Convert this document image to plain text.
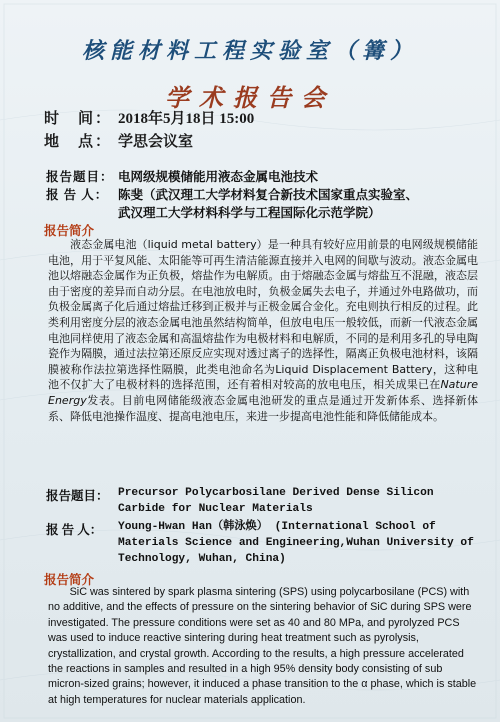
核能材料工程实验室（篝）
学术报告会
时　间： 2018年5月18日 15:00
地　点： 学思会议室
报告题目： 电网级规模储能用液态金属电池技术
报 告 人： 陈斐（武汉理工大学材料复合新技术国家重点实验室、
武汉理工大学材料科学与工程国际化示范学院）
报告简介
　　液态金属电池（liquid metal battery）是一种具有较好应用前景的电网级规模储能电池，用于平复风能、太阳能等可再生清洁能源直接并入电网的间歇与波动。液态金属电池以熔融态金属作为正负极，熔盐作为电解质。由于熔融态金属与熔盐互不混融，液态层由于密度的差异而自动分层。在电池放电时，负极金属失去电子，并通过外电路做功，而负极金属离子化后通过熔盐迁移到正极并与正极金属合金化。充电则执行相反的过程。此类利用密度分层的液态金属电池虽然结构简单，但放电电压一般较低，而新一代液态金属电池同样使用了液态金属和高温熔盐作为电极材料和电解质，不同的是利用多孔的导电陶瓷作为隔膜，通过法拉第还原反应实现对透过离子的选择性，隔离正负极电池材料，该隔膜被称作法拉第选择性隔膜，此类电池命名为Liquid Displacement Battery，这种电池不仅扩大了电极材料的选择范围，还有着相对较高的放电电压，相关成果已在Nature Energy发表。目前电网储能级液态金属电池研发的重点是通过开发新体系、选择新体系、降低电池操作温度、提高电池电压，来进一步提高电池性能和降低储能成本。
报告题目： Precursor Polycarbosilane Derived Dense Silicon
Carbide for Nuclear Materials
报 告 人： Young-Hwan Han（韩泳焕） (International School of
Materials Science and Engineering,Wuhan University of
Technology, Wuhan, China)
报告简介
　　SiC was sintered by spark plasma sintering (SPS) using polycarbosilane (PCS) with no additive, and the effects of pressure on the sintering behavior of SiC during SPS were investigated. The pressure conditions were set as 40 and 80 MPa, and pyrolyzed PCS was used to induce reactive sintering during heat treatment such as pyrolysis, crystallization, and crystal growth. According to the results, a high pressure accelerated the reactions in samples and resulted in a high 95% density body consisting of sub micron-sized grains; however, it induced a phase transition to the α phase, which is stable at high temperatures for nuclear materials application.
